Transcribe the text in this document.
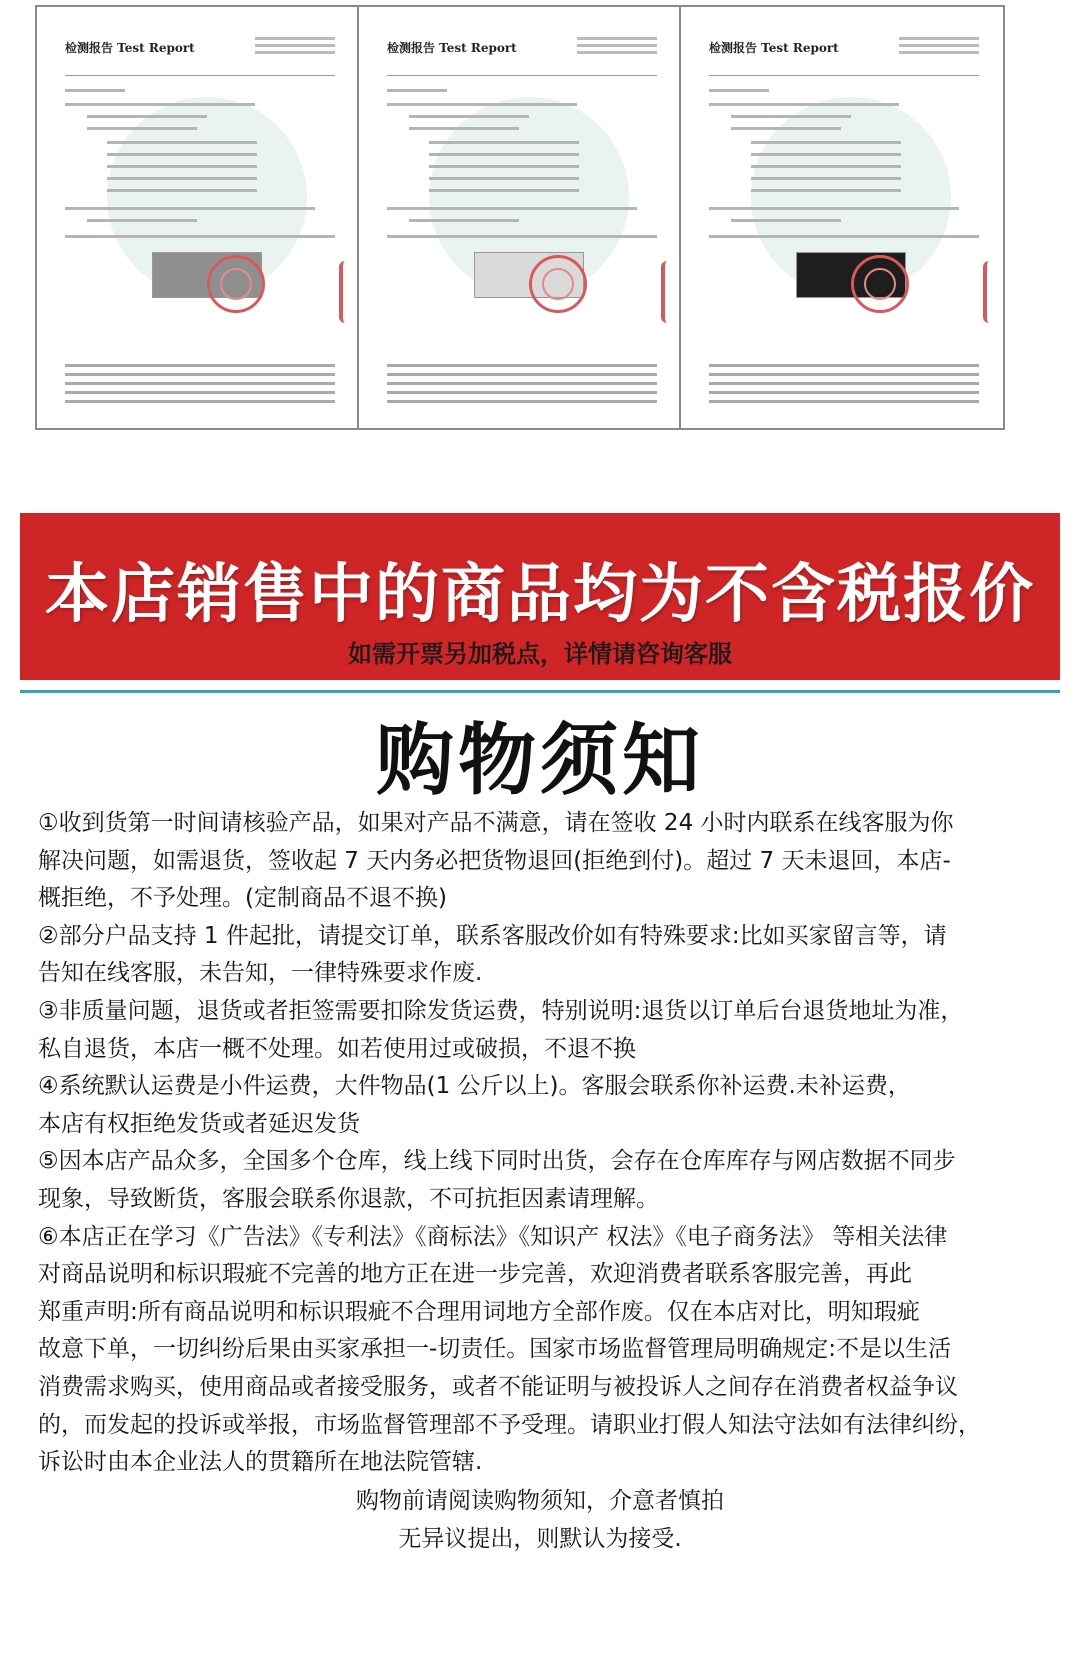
检测报告 Test Report	检测报告 Test Report	检测报告 Test Report
本店销售中的商品均为不含税报价
如需开票另加税点，详情请咨询客服
购物须知

①收到货第一时间请核验产品，如果对产品不满意，请在签收 24 小时内联系在线客服为你

解决问题，如需退货，签收起 7 天内务必把货物退回(拒绝到付)。超过 7 天未退回，本店-

概拒绝，不予处理。(定制商品不退不换)

②部分户品支持 1 件起批，请提交订单，联系客服改价如有特殊要求:比如买家留言等，请

告知在线客服，未告知，一律特殊要求作废.

③非质量问题，退货或者拒签需要扣除发货运费，特别说明:退货以订单后台退货地址为准，

私自退货，本店一概不处理。如若使用过或破损，不退不换

④系统默认运费是小件运费，大件物品(1 公斤以上)。客服会联系你补运费.未补运费，

本店有权拒绝发货或者延迟发货

⑤因本店产品众多，全国多个仓库，线上线下同时出货，会存在仓库库存与网店数据不同步

现象，导致断货，客服会联系你退款，不可抗拒因素请理解。

⑥本店正在学习《广告法》《专利法》《商标法》《知识产 权法》《电子商务法》 等相关法律

对商品说明和标识瑕疵不完善的地方正在进一步完善，欢迎消费者联系客服完善，再此

郑重声明:所有商品说明和标识瑕疵不合理用词地方全部作废。仅在本店对比，明知瑕疵

故意下单，一切纠纷后果由买家承担一-切责任。国家市场监督管理局明确规定:不是以生活

消费需求购买，使用商品或者接受服务，或者不能证明与被投诉人之间存在消费者权益争议

的，而发起的投诉或举报，市场监督管理部不予受理。请职业打假人知法守法如有法律纠纷，

诉讼时由本企业法人的贯籍所在地法院管辖.

购物前请阅读购物须知，介意者慎拍

无异议提出，则默认为接受.
